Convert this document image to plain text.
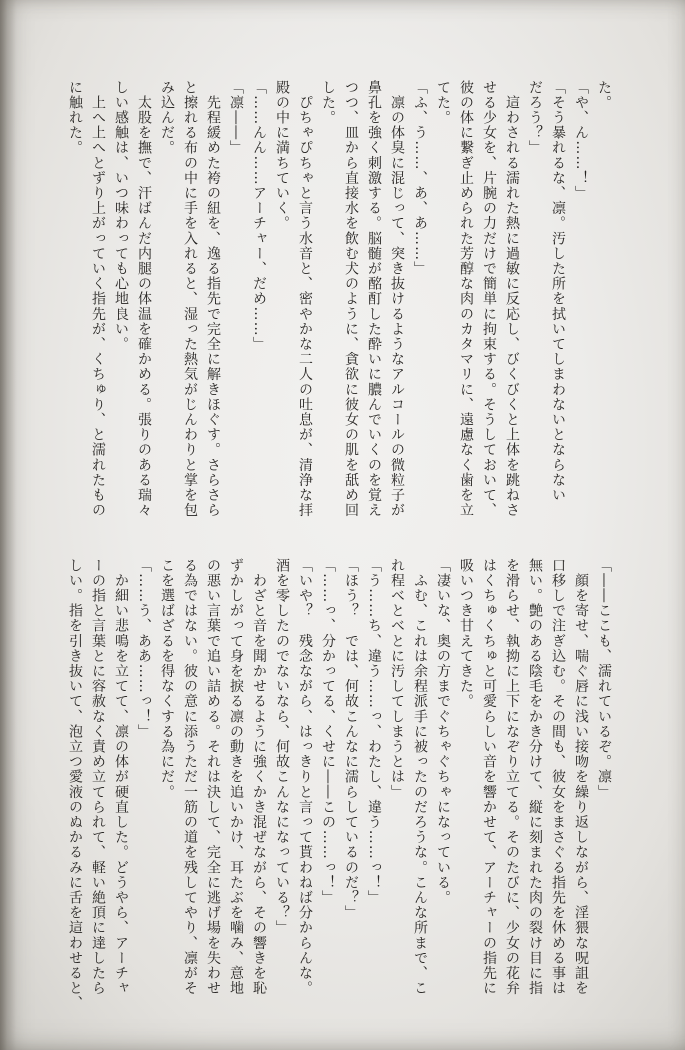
た。

「や、ん……！」

「そう暴れるな、凛。汚した所を拭いてしまわないとならない

だろう？」

　這わされる濡れた熱に過敏に反応し、びくびくと上体を跳ねさ

せる少女を、片腕の力だけで簡単に拘束する。そうしておいて、

彼の体に繋ぎ止められた芳醇な肉のカタマリに、遠慮なく歯を立

てた。

「ふ、う……、あ、あ……」

　凛の体臭に混じって、突き抜けるようなアルコールの微粒子が

鼻孔を強く刺激する。脳髄が酩酊した酔いに膿んでいくのを覚え

つつ、皿から直接水を飲む犬のように、貪欲に彼女の肌を舐め回

した。

　ぴちゃぴちゃと言う水音と、密やかな二人の吐息が、清浄な拝

殿の中に満ちていく。

「……んん……アーチャー、だめ……」

「凛――」

　先程緩めた袴の紐を、逸る指先で完全に解きほぐす。さらさら

と擦れる布の中に手を入れると、湿った熱気がじんわりと掌を包

み込んだ。

　太股を撫で、汗ばんだ内腿の体温を確かめる。張りのある瑞々

しい感触は、いつ味わっても心地良い。

　上へ上へとずり上がっていく指先が、くちゅり、と濡れたもの

に触れた。

「――ここも、濡れているぞ。凛」

　顔を寄せ、喘ぐ唇に浅い接吻を繰り返しながら、淫猥な呪詛を

口移しで注ぎ込む。その間も、彼女をまさぐる指先を休める事は

無い。艶のある陰毛をかき分けて、縦に刻まれた肉の裂け目に指

を滑らせ、執拗に上下になぞり立てる。そのたびに、少女の花弁

はくちゅくちゅと可愛らしい音を響かせて、アーチャーの指先に

吸いつき甘えてきた。

「凄いな、奥の方までぐちゃぐちゃになっている。

　ふむ、これは余程派手に被ったのだろうな。こんな所まで、こ

れ程べとべとに汚してしまうとは」

「う……ち、違う……っ、わたし、違う……っ！」

「ほう？　では、何故こんなに濡らしているのだ？」

「……っ、分かってる、くせに――この……っ！」

「いや？　残念ながら、はっきりと言って貰わねば分からんな。

酒を零したのでないなら、何故こんなになっている？」

　わざと音を聞かせるように強くかき混ぜながら、その響きを恥

ずかしがって身を捩る凛の動きを追いかけ、耳たぶを噛み、意地

の悪い言葉で追い詰める。それは決して、完全に逃げ場を失わせ

る為ではない。彼の意に添うただ一筋の道を残してやり、凛がそ

こを選ばざるを得なくする為にだ。

「……う、ああ……っ！」

　か細い悲鳴を立てて、凛の体が硬直した。どうやら、アーチャ

ーの指と言葉とに容赦なく責め立てられて、軽い絶頂に達したら

しい。指を引き抜いて、泡立つ愛液のぬかるみに舌を這わせると、
